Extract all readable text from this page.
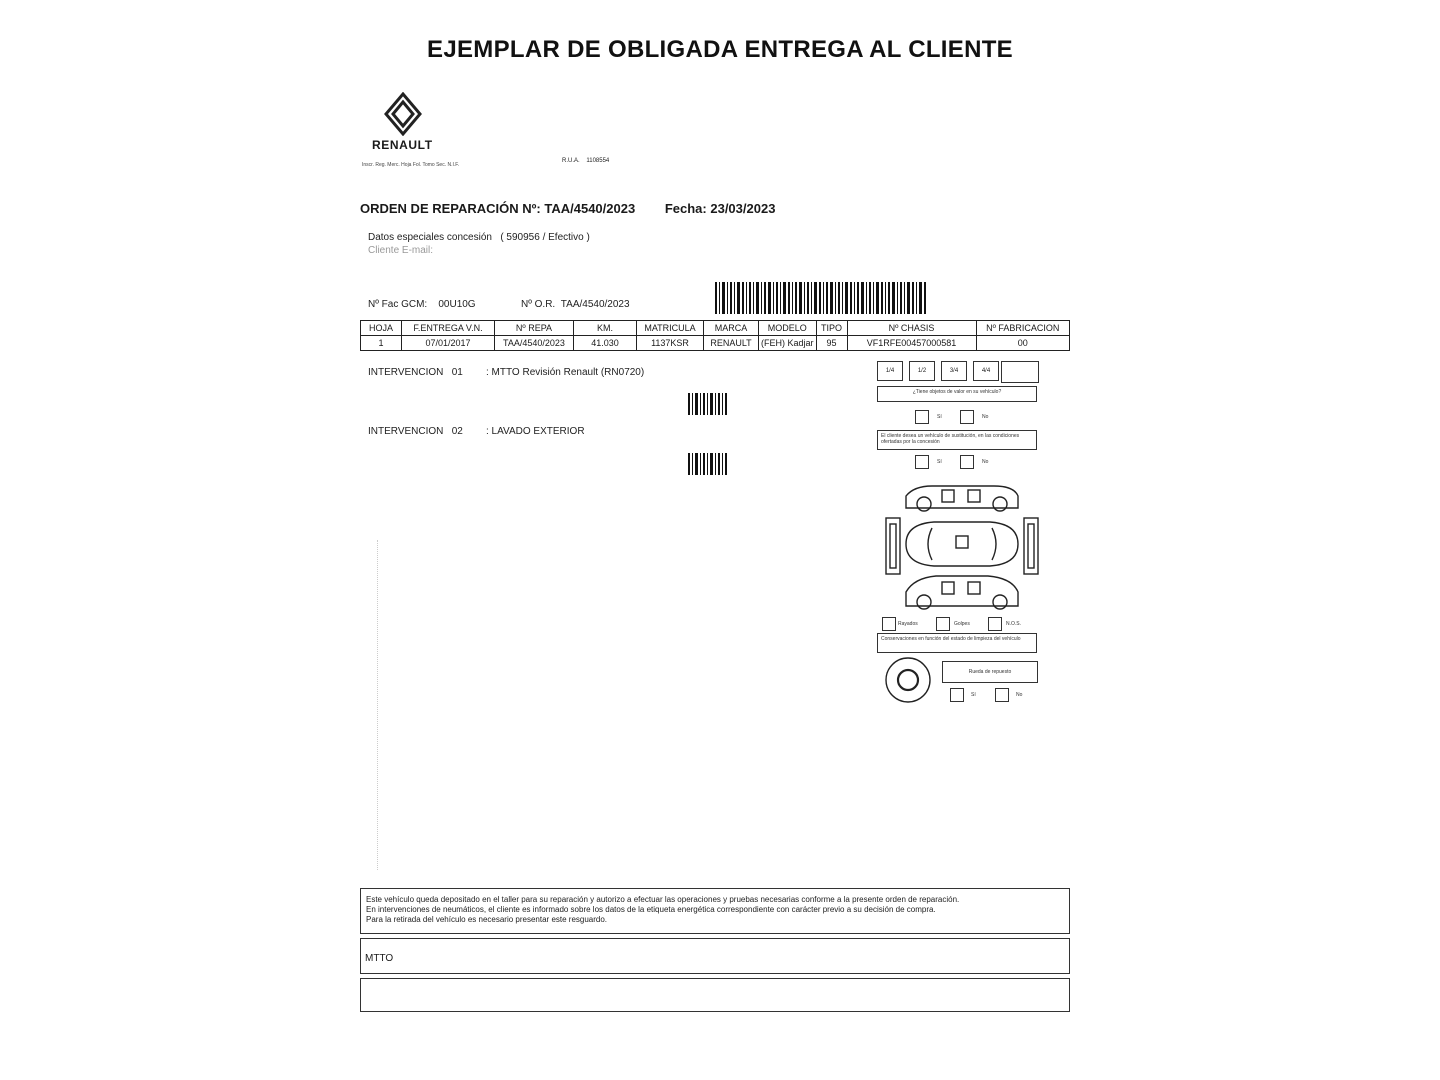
EJEMPLAR DE OBLIGADA ENTREGA AL CLIENTE
RENAULT
Inscr. Reg. Merc. Hoja Fol. Tomo Sec. N.I.F.
R.U.A. 1108554
ORDEN DE REPARACIÓN Nº: TAA/4540/2023 Fecha: 23/03/2023
Datos especiales concesión ( 590956 / Efectivo )
Cliente E-mail:
Nº Fac GCM: 00U10G	Nº O.R. TAA/4540/2023
HOJA	F.ENTREGA V.N.	Nº REPA	KM.	MATRICULA	MARCA	MODELO	TIPO	Nº CHASIS	Nº FABRICACION
1	07/01/2017	TAA/4540/2023	41.030	1137KSR	RENAULT	(FEH) Kadjar	95	VF1RFE00457000581	00
INTERVENCION 01 : MTTO Revisión Renault (RN0720)
INTERVENCION 02 : LAVADO EXTERIOR
1/4	1/2	3/4	4/4
¿Tiene objetos de valor en su vehículo?
Sí	No
El cliente desea un vehículo de sustitución, en las condiciones ofertadas por la concesión
Sí	No
Rayados	Golpes	N.O.S.
Conservaciones en función del estado de limpieza del vehículo
Rueda de repuesto
Sí	No
Este vehículo queda depositado en el taller para su reparación y autorizo a efectuar las operaciones y pruebas necesarias conforme a la presente orden de reparación.
En intervenciones de neumáticos, el cliente es informado sobre los datos de la etiqueta energética correspondiente con carácter previo a su decisión de compra.
Para la retirada del vehículo es necesario presentar este resguardo.
MTTO
